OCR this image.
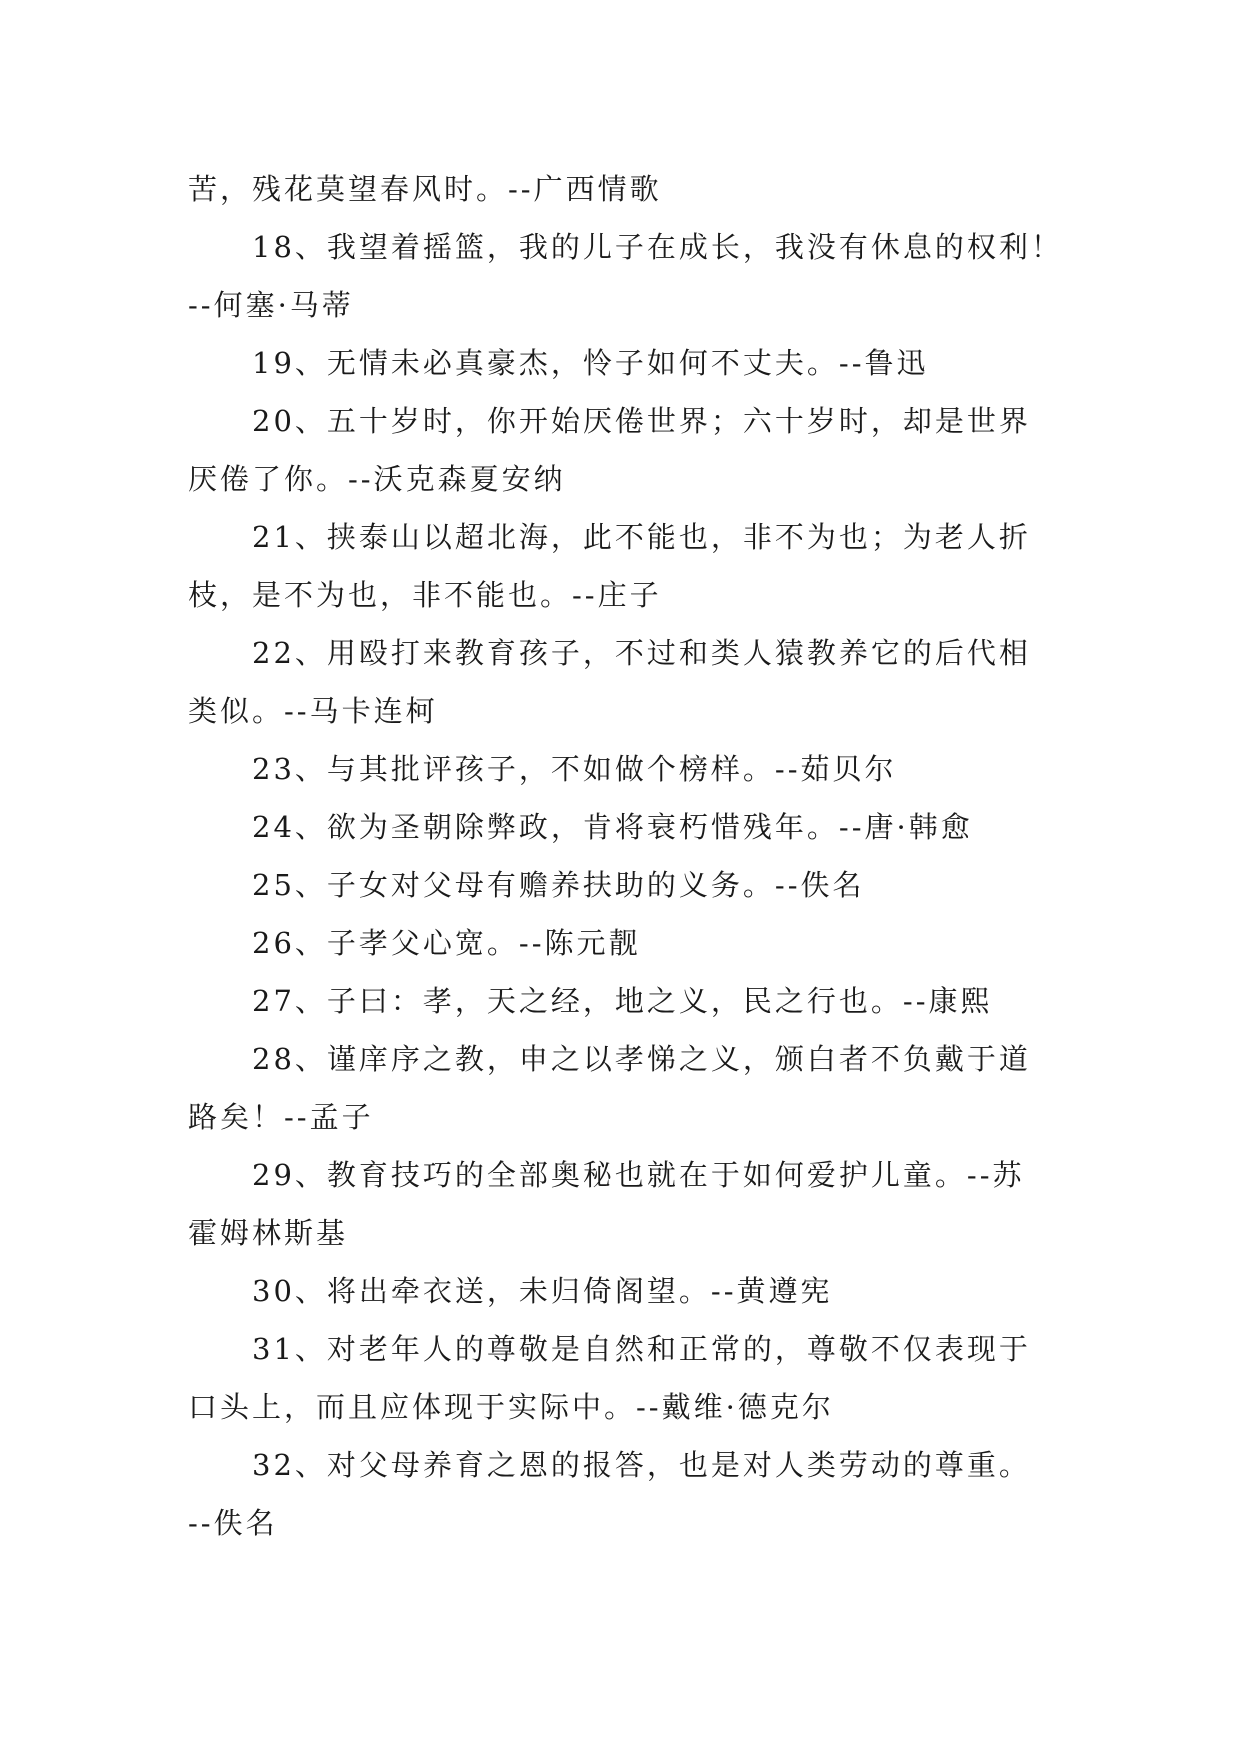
苦，残花莫望春风时。--广西情歌
18、我望着摇篮，我的儿子在成长，我没有休息的权利！
--何塞·马蒂
19、无情未必真豪杰，怜子如何不丈夫。--鲁迅
20、五十岁时，你开始厌倦世界；六十岁时，却是世界
厌倦了你。--沃克森夏安纳
21、挟泰山以超北海，此不能也，非不为也；为老人折
枝，是不为也，非不能也。--庄子
22、用殴打来教育孩子，不过和类人猿教养它的后代相
类似。--马卡连柯
23、与其批评孩子，不如做个榜样。--茹贝尔
24、欲为圣朝除弊政，肯将衰朽惜残年。--唐·韩愈
25、子女对父母有赡养扶助的义务。--佚名
26、子孝父心宽。--陈元靓
27、子曰：孝，天之经，地之义，民之行也。--康熙
28、谨庠序之教，申之以孝悌之义，颁白者不负戴于道
路矣！--孟子
29、教育技巧的全部奥秘也就在于如何爱护儿童。--苏
霍姆林斯基
30、将出牵衣送，未归倚阁望。--黄遵宪
31、对老年人的尊敬是自然和正常的，尊敬不仅表现于
口头上，而且应体现于实际中。--戴维·德克尔
32、对父母养育之恩的报答，也是对人类劳动的尊重。
--佚名
